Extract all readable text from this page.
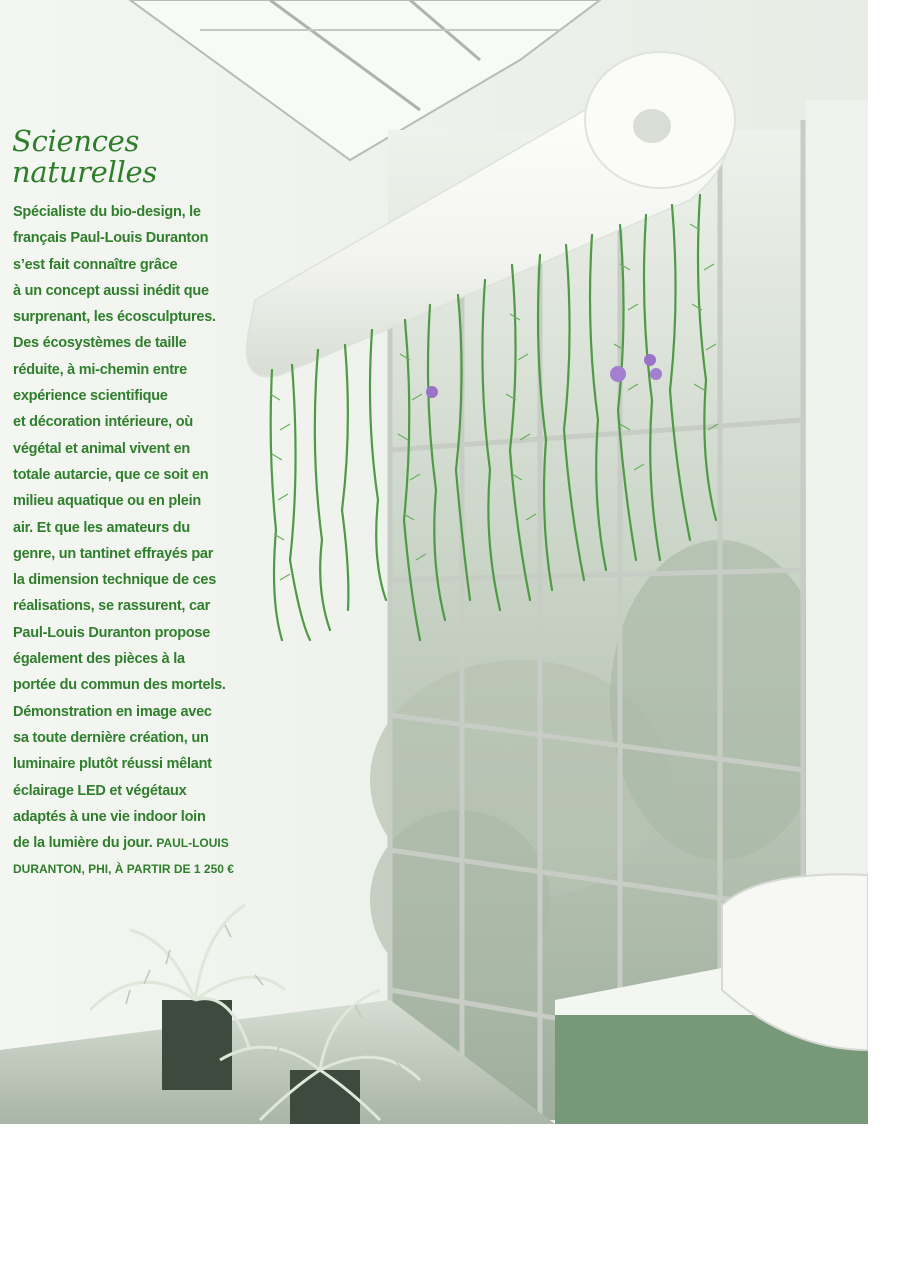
Sciences
naturelles
Spécialiste du bio-design, le
français Paul-Louis Duranton
s’est fait connaître grâce
à un concept aussi inédit que
surprenant, les écosculptures.
Des écosystèmes de taille
réduite, à mi-chemin entre
expérience scientifique
et décoration intérieure, où
végétal et animal vivent en
totale autarcie, que ce soit en
milieu aquatique ou en plein
air. Et que les amateurs du
genre, un tantinet effrayés par
la dimension technique de ces
réalisations, se rassurent, car
Paul-Louis Duranton propose
également des pièces à la
portée du commun des mortels.
Démonstration en image avec
sa toute dernière création, un
luminaire plutôt réussi mêlant
éclairage LED et végétaux
adaptés à une vie indoor loin
de la lumière du jour. PAUL-LOUIS
DURANTON, PHI, À PARTIR DE 1 250 €
